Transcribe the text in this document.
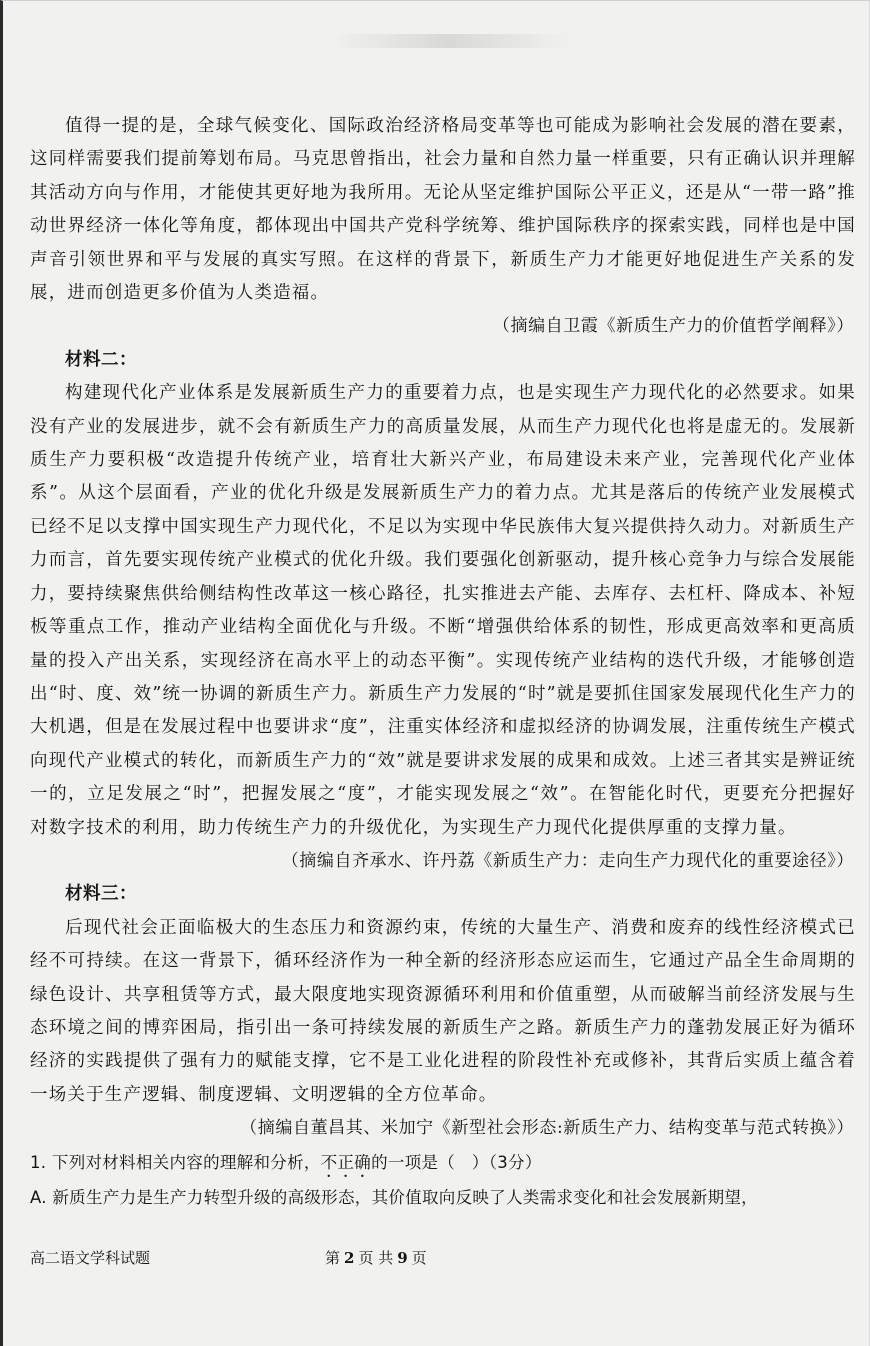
值得一提的是，全球气候变化、国际政治经济格局变革等也可能成为影响社会发展的潜在要素，这同样需要我们提前筹划布局。马克思曾指出，社会力量和自然力量一样重要，只有正确认识并理解其活动方向与作用，才能使其更好地为我所用。无论从坚定维护国际公平正义，还是从“一带一路”推动世界经济一体化等角度，都体现出中国共产党科学统筹、维护国际秩序的探索实践，同样也是中国声音引领世界和平与发展的真实写照。在这样的背景下，新质生产力才能更好地促进生产关系的发展，进而创造更多价值为人类造福。

（摘编自卫霞《新质生产力的价值哲学阐释》）

材料二：

构建现代化产业体系是发展新质生产力的重要着力点，也是实现生产力现代化的必然要求。如果没有产业的发展进步，就不会有新质生产力的高质量发展，从而生产力现代化也将是虚无的。发展新质生产力要积极“改造提升传统产业，培育壮大新兴产业，布局建设未来产业，完善现代化产业体系”。从这个层面看，产业的优化升级是发展新质生产力的着力点。尤其是落后的传统产业发展模式已经不足以支撑中国实现生产力现代化，不足以为实现中华民族伟大复兴提供持久动力。对新质生产力而言，首先要实现传统产业模式的优化升级。我们要强化创新驱动，提升核心竞争力与综合发展能力，要持续聚焦供给侧结构性改革这一核心路径，扎实推进去产能、去库存、去杠杆、降成本、补短板等重点工作，推动产业结构全面优化与升级。不断“增强供给体系的韧性，形成更高效率和更高质量的投入产出关系，实现经济在高水平上的动态平衡”。实现传统产业结构的迭代升级，才能够创造出“时、度、效”统一协调的新质生产力。新质生产力发展的“时”就是要抓住国家发展现代化生产力的大机遇，但是在发展过程中也要讲求“度”，注重实体经济和虚拟经济的协调发展，注重传统生产模式向现代产业模式的转化，而新质生产力的“效”就是要讲求发展的成果和成效。上述三者其实是辨证统一的，立足发展之“时”，把握发展之“度”，才能实现发展之“效”。在智能化时代，更要充分把握好对数字技术的利用，助力传统生产力的升级优化，为实现生产力现代化提供厚重的支撑力量。

（摘编自齐承水、许丹荔《新质生产力：走向生产力现代化的重要途径》）

材料三：

后现代社会正面临极大的生态压力和资源约束，传统的大量生产、消费和废弃的线性经济模式已经不可持续。在这一背景下，循环经济作为一种全新的经济形态应运而生，它通过产品全生命周期的绿色设计、共享租赁等方式，最大限度地实现资源循环利用和价值重塑，从而破解当前经济发展与生态环境之间的博弈困局，指引出一条可持续发展的新质生产之路。新质生产力的蓬勃发展正好为循环经济的实践提供了强有力的赋能支撑，它不是工业化进程的阶段性补充或修补，其背后实质上蕴含着一场关于生产逻辑、制度逻辑、文明逻辑的全方位革命。

（摘编自董昌其、米加宁《新型社会形态:新质生产力、结构变革与范式转换》）

1. 下列对材料相关内容的理解和分析，不正确的一项是（　）（3分）

A. 新质生产力是生产力转型升级的高级形态，其价值取向反映了人类需求变化和社会发展新期望，

高二语文学科试题	第 2 页 共 9 页
